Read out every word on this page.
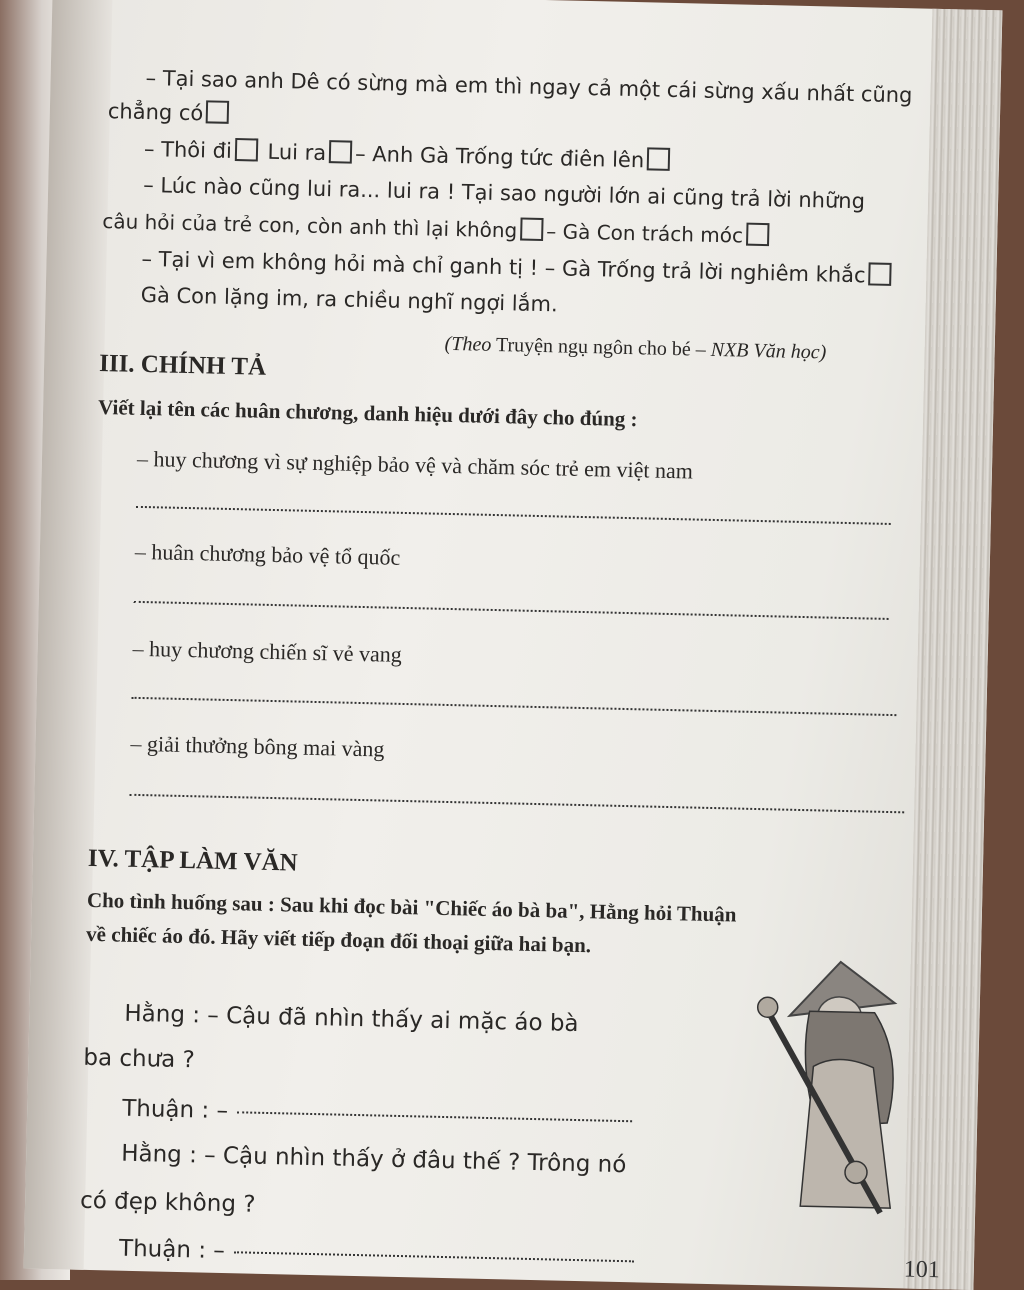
– Tại sao anh Dê có sừng mà em thì ngay cả một cái sừng xấu nhất cũng
chẳng có
– Thôi đi Lui ra – Anh Gà Trống tức điên lên
– Lúc nào cũng lui ra... lui ra ! Tại sao người lớn ai cũng trả lời những
câu hỏi của trẻ con, còn anh thì lại không – Gà Con trách móc
– Tại vì em không hỏi mà chỉ ganh tị ! – Gà Trống trả lời nghiêm khắc
Gà Con lặng im, ra chiều nghĩ ngợi lắm.
(Theo Truyện ngụ ngôn cho bé – NXB Văn học)
III. CHÍNH TẢ
Viết lại tên các huân chương, danh hiệu dưới đây cho đúng :
– huy chương vì sự nghiệp bảo vệ và chăm sóc trẻ em việt nam
– huân chương bảo vệ tổ quốc
– huy chương chiến sĩ vẻ vang
– giải thưởng bông mai vàng
IV. TẬP LÀM VĂN
Cho tình huống sau : Sau khi đọc bài "Chiếc áo bà ba", Hằng hỏi Thuận
về chiếc áo đó. Hãy viết tiếp đoạn đối thoại giữa hai bạn.
Hằng : – Cậu đã nhìn thấy ai mặc áo bà
ba chưa ?
Thuận : –
Hằng : – Cậu nhìn thấy ở đâu thế ? Trông nó
có đẹp không ?
Thuận : –
101
